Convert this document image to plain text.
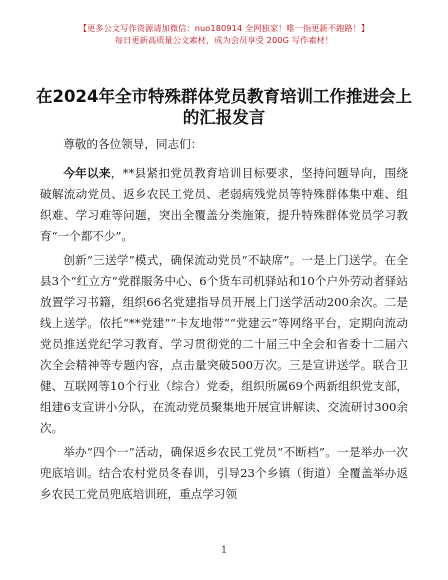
【更多公文写作资源请加微信：nuo180914 全网独家！唯一指更新不跑路！】
每日更新高质量公文素材，成为会员享受 200G 写作素材！
在2024年全市特殊群体党员教育培训工作推进会上的汇报发言

尊敬的各位领导，同志们：

今年以来，**县紧扣党员教育培训目标要求，坚持问题导向，围绕破解流动党员、返乡农民工党员、老弱病残党员等特殊群体集中难、组织难、学习难等问题，突出全覆盖分类施策，提升特殊群体党员学习教育“一个都不少”。

创新“三送学”模式，确保流动党员“不缺席”。一是上门送学。在全县3个“红立方”党群服务中心、6个货车司机驿站和10个户外劳动者驿站放置学习书籍，组织66名党建指导员开展上门送学活动200余次。二是线上送学。依托“**党建”“卡友地带”“党建云”等网络平台，定期向流动党员推送党纪学习教育、学习贯彻党的二十届三中全会和省委十二届六次全会精神等专题内容，点击量突破500万次。三是宣讲送学。联合卫健、互联网等10个行业（综合）党委，组织所属69个两新组织党支部，组建6支宣讲小分队，在流动党员聚集地开展宣讲解读、交流研讨300余次。

举办“四个一”活动，确保返乡农民工党员“不断档”。一是举办一次兜底培训。结合农村党员冬春训，引导23个乡镇（街道）全覆盖举办返乡农民工党员兜底培训班，重点学习领

1
